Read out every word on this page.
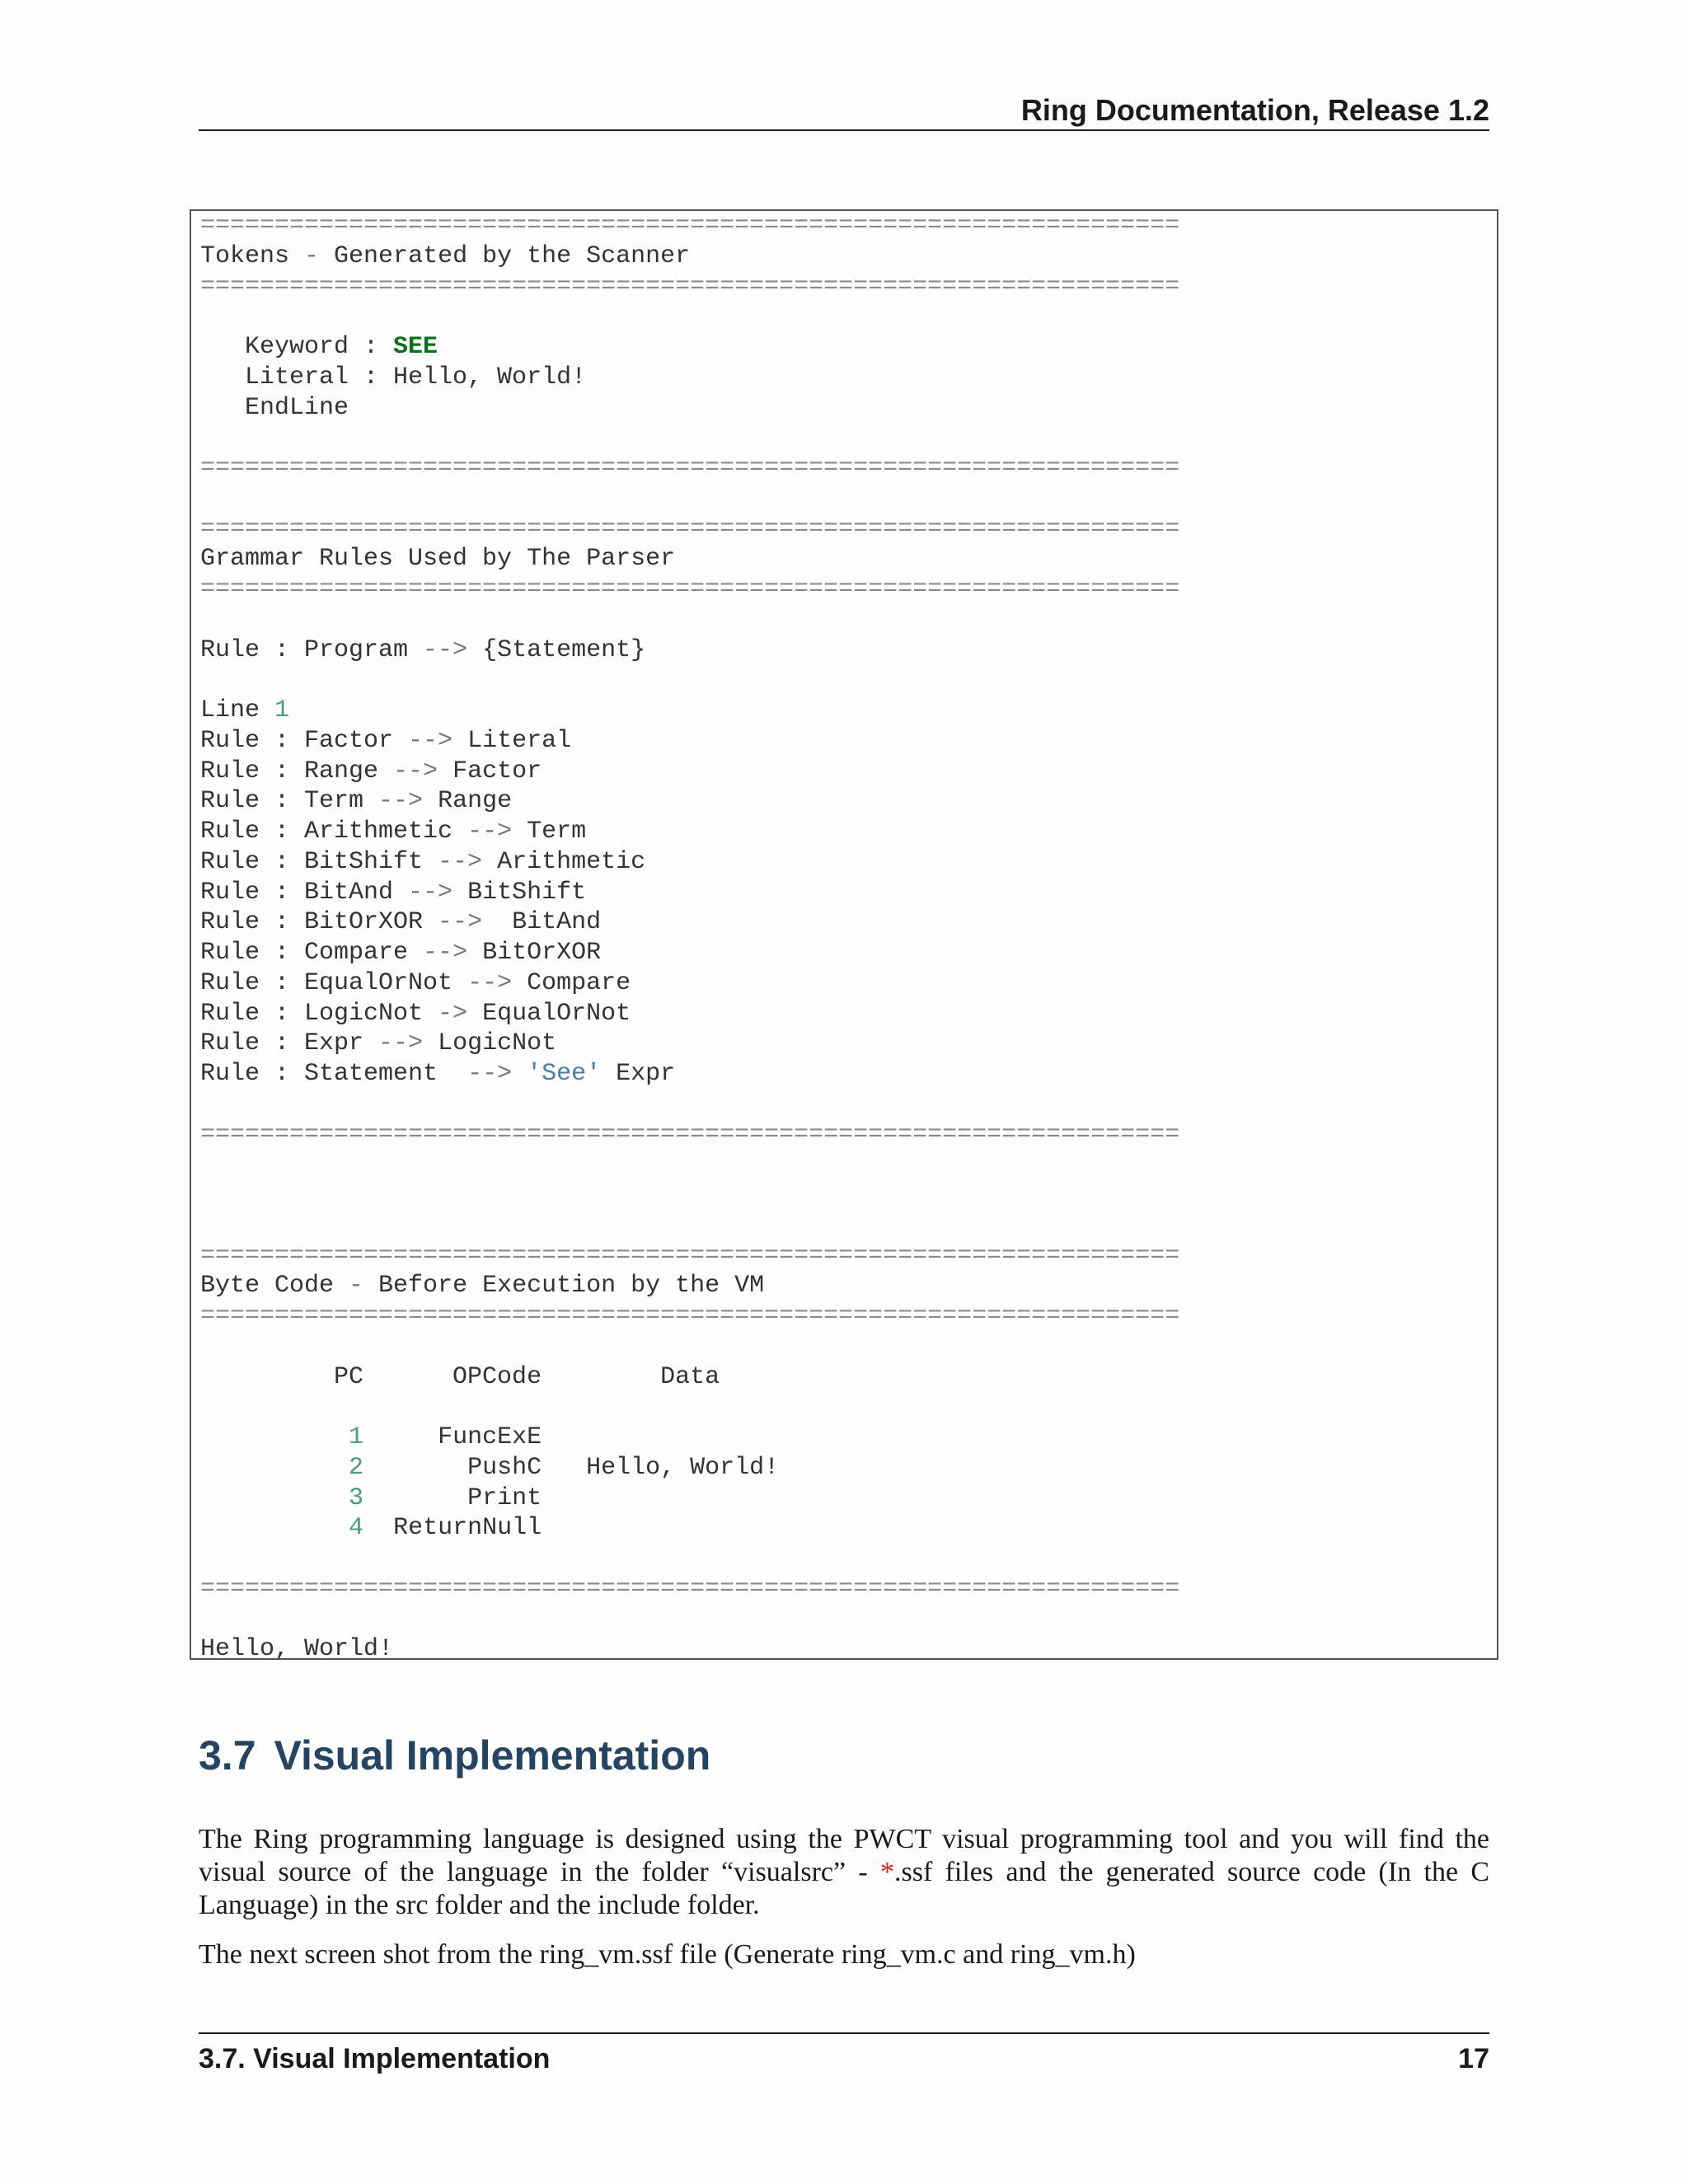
Ring Documentation, Release 1.2
==================================================================
Tokens - Generated by the Scanner
==================================================================

Keyword : SEE
Literal : Hello, World!
EndLine

==================================================================

==================================================================
Grammar Rules Used by The Parser
==================================================================

Rule : Program --> {Statement}

Line 1
Rule : Factor --> Literal
Rule : Range --> Factor
Rule : Term --> Range
Rule : Arithmetic --> Term
Rule : BitShift --> Arithmetic
Rule : BitAnd --> BitShift
Rule : BitOrXOR -->  BitAnd
Rule : Compare --> BitOrXOR
Rule : EqualOrNot --> Compare
Rule : LogicNot -> EqualOrNot
Rule : Expr --> LogicNot
Rule : Statement  --> 'See' Expr

==================================================================

==================================================================
Byte Code - Before Execution by the VM
==================================================================

PC      OPCode        Data

1	FuncExE
2	PushC Hello, World!
3	Print
4 ReturnNull

==================================================================

Hello, World!
3.7 Visual Implementation

The Ring programming language is designed using the PWCT visual programming tool and you will find the visual source of the language in the folder “visualsrc” - *.ssf files and the generated source code (In the C Language) in the src folder and the include folder.

The next screen shot from the ring_vm.ssf file (Generate ring_vm.c and ring_vm.h)

3.7. Visual Implementation	17
